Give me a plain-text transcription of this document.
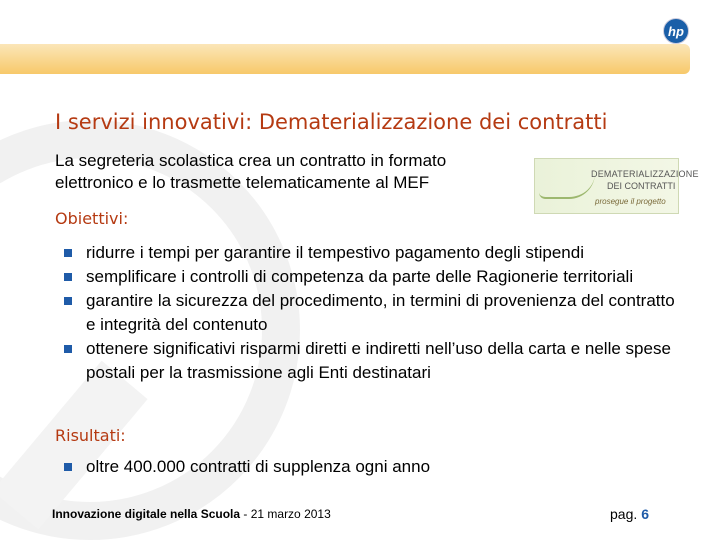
hp
I servizi innovativi: Dematerializzazione dei contratti
La segreteria scolastica crea un contratto in formato elettronico e lo trasmette telematicamente al MEF	DEMATERIALIZZAZIONE
DEI CONTRATTI
prosegue il progetto
Obiettivi:
ridurre i tempi per garantire il tempestivo pagamento degli stipendi
semplificare i controlli di competenza da parte delle Ragionerie territoriali
garantire la sicurezza del procedimento, in termini di provenienza del contratto e integrità del contenuto
ottenere significativi risparmi diretti e indiretti nell’uso della carta e nelle spese postali per la trasmissione agli Enti destinatari
Risultati:
oltre 400.000 contratti di supplenza ogni anno
Innovazione digitale nella Scuola - 21 marzo 2013	pag. 6
